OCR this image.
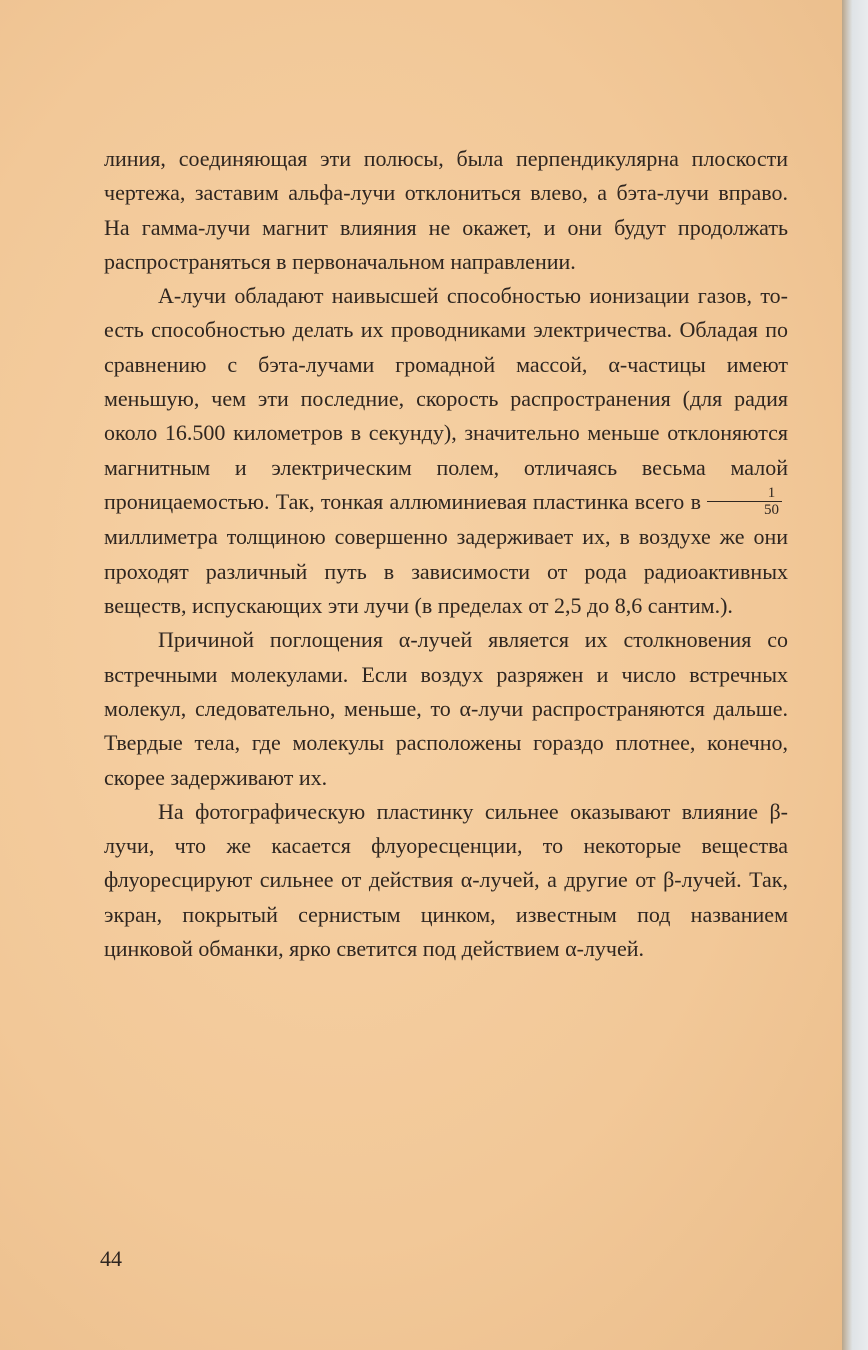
линия, соединяющая эти полюсы, была перпендикулярна плоскости чертежа, заставим альфа-лучи отклониться влево, а бэта-лучи вправо. На гамма-лучи магнит влияния не окажет, и они будут продолжать распространяться в первоначальном направлении.

A-лучи обладают наивысшей способностью ионизации газов, то-есть способностью делать их проводниками электричества. Обладая по сравнению с бэта-лучами громадной массой, α-частицы имеют меньшую, чем эти последние, скорость распространения (для радия около 16.500 километров в секунду), значительно меньше отклоняются магнитным и электрическим полем, отличаясь весьма малой проницаемостью. Так, тонкая аллюминиевая пластинка всего в $\frac{1}{50}$
миллиметра толщиною совершенно задерживает их, в воздухе же они проходят различный путь в зависимости от рода радиоактивных веществ, испускающих эти лучи (в пределах от 2,5 до 8,6 сантим.).

Причиной поглощения α-лучей является их столкновения со встречными молекулами. Если воздух разряжен и число встречных молекул, следовательно, меньше, то α-лучи распространяются дальше. Твердые тела, где молекулы расположены гораздо плотнее, конечно, скорее задерживают их.

На фотографическую пластинку сильнее оказывают влияние β-лучи, что же касается флуоресценции, то некоторые вещества флуоресцируют сильнее от действия α-лучей, а другие от β-лучей. Так, экран, покрытый сернистым цинком, известным под названием цинковой обманки, ярко светится под действием α-лучей.

44
